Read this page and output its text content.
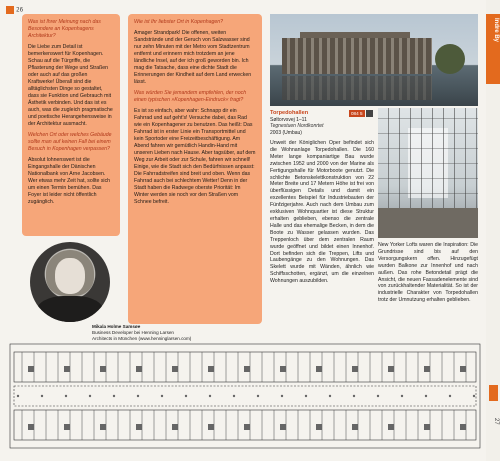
26
Indre By
27

Was ist Ihrer Meinung nach das Besondere an Kopenhagens Architektur?

Die Liebe zum Detail ist bemerkenswert für Kopenhagen. Schau auf die Türgriffe, die Pflasterung der Wege und Straßen oder auch auf das großen Kraftwerke! Überall sind die alltäglichsten Dinge so gestaltet, dass sie Funktion und Gebrauch mit Ästhetik verbinden. Und das ist es auch, was die zugleich pragmatische und poetische Herangehensweise in der Architektur ausmacht.

Welchen Ort oder welches Gebäude sollte man auf keinen Fall bei einem Besuch in Kopenhagen verpassen?

Absolut lohnenswert ist die Eingangshalle der Dänischen Nationalbank von Arne Jacobsen. Wer etwas mehr Zeit hat, sollte sich um einen Termin bemühen. Das Foyer ist leider nicht öffentlich zugänglich.

Wie ist Ihr liebster Ort in Kopenhagen?

Amager Strandpark! Die offenen, weiten Sandstrände und der Geruch von Salzwasser sind nur zehn Minuten mit der Metro vom Stadtzentrum entfernt und erinnern mich trotzdem an jene ländliche Insel, auf der ich groß geworden bin. Ich mag die Tatsache, dass eine dichte Stadt die Erinnerungen der Kindheit auf dem Land erwecken lässt.

Was würden Sie jemandem empfehlen, der noch einen typischen »Kopenhagen-Eindruck« fragt?

Es ist so einfach, aber wahr: Schnapp dir ein Fahrrad und auf geht's! Versuche dabei, das Rad wie ein Kopenhagener zu benutzen. Das heißt: Das Fahrrad ist in erster Linie ein Transportmittel und kein Sportoder eine Freizeitbeschäftigung. Am Abend fahren wir gemütlich Handin-Hand mit unseren Lieben nach Hause. Aber tagsüber, auf dem Weg zur Arbeit oder zur Schule, fahren wir schnell! Einige, wie die Stadt sich den Bedürfnissen anpasst: Die Fahrradstreifen sind breit und oben. Wenn das Fahrrad auch bei schlechtem Wetter! Denn in der Stadt haben die Radwege oberste Priorität: Im Winter werden sie noch vor den Straßen vom Schnee befreit.

Mikala Holme Samsøe
Business Developer bei Henning Larsen
Architects in München (www.henninglarsen.com)
Torpedohallen
Søltorvsvej 1–11
Tegnestuen Nordkonrtet
2003 (Umbau)
084 5
Unweit der Königlichen Oper befindet sich die Wohnanlage Torpedohallen. Die 160 Meter lange kompaniartige Bau wurde zwischen 1952 und 2000 von der Marine als Fertigungshalle für Motorboote genutzt. Die schlichte Betonskelettkonstruktion von 22 Meter Breite und 17 Metern Höhe ist frei von überflüssigen Details und damit ein exzellentes Beispiel für Industriebauten der Fünfzigerjahre. Auch nach dem Umbau zum exklusiven Wohnquartier ist diese Struktur erhalten geblieben, ebenso die zentrale Halle und das ehemalige Becken, in dem die Boote zu Wasser gelassen wurden. Das Treppenloch über dem zentralen Raum wurde geöffnet und bildet einen Innenhof. Dort befinden sich die Treppen, Lifts und Laubengänge zu den Wohnungen. Das Skelett wurde mit Wänden, ähnlich wie Schiffsschotten, ergänzt, um die einzelnen Wohnungen auszubilden.
New Yorker Lofts waren die Inspiration: Die Grundrisse sind bis auf den Versorgungskern offen. Hinzugefügt wurden Balkone zur Innenhof und nach außen. Das rohe Betondetail prägt die Ansicht, die neuen Fassadenelemente sind von zurückhaltender Materialität. So ist der industrielle Charakter von Torpedohallen trotz der Umnutzung erhalten geblieben.
